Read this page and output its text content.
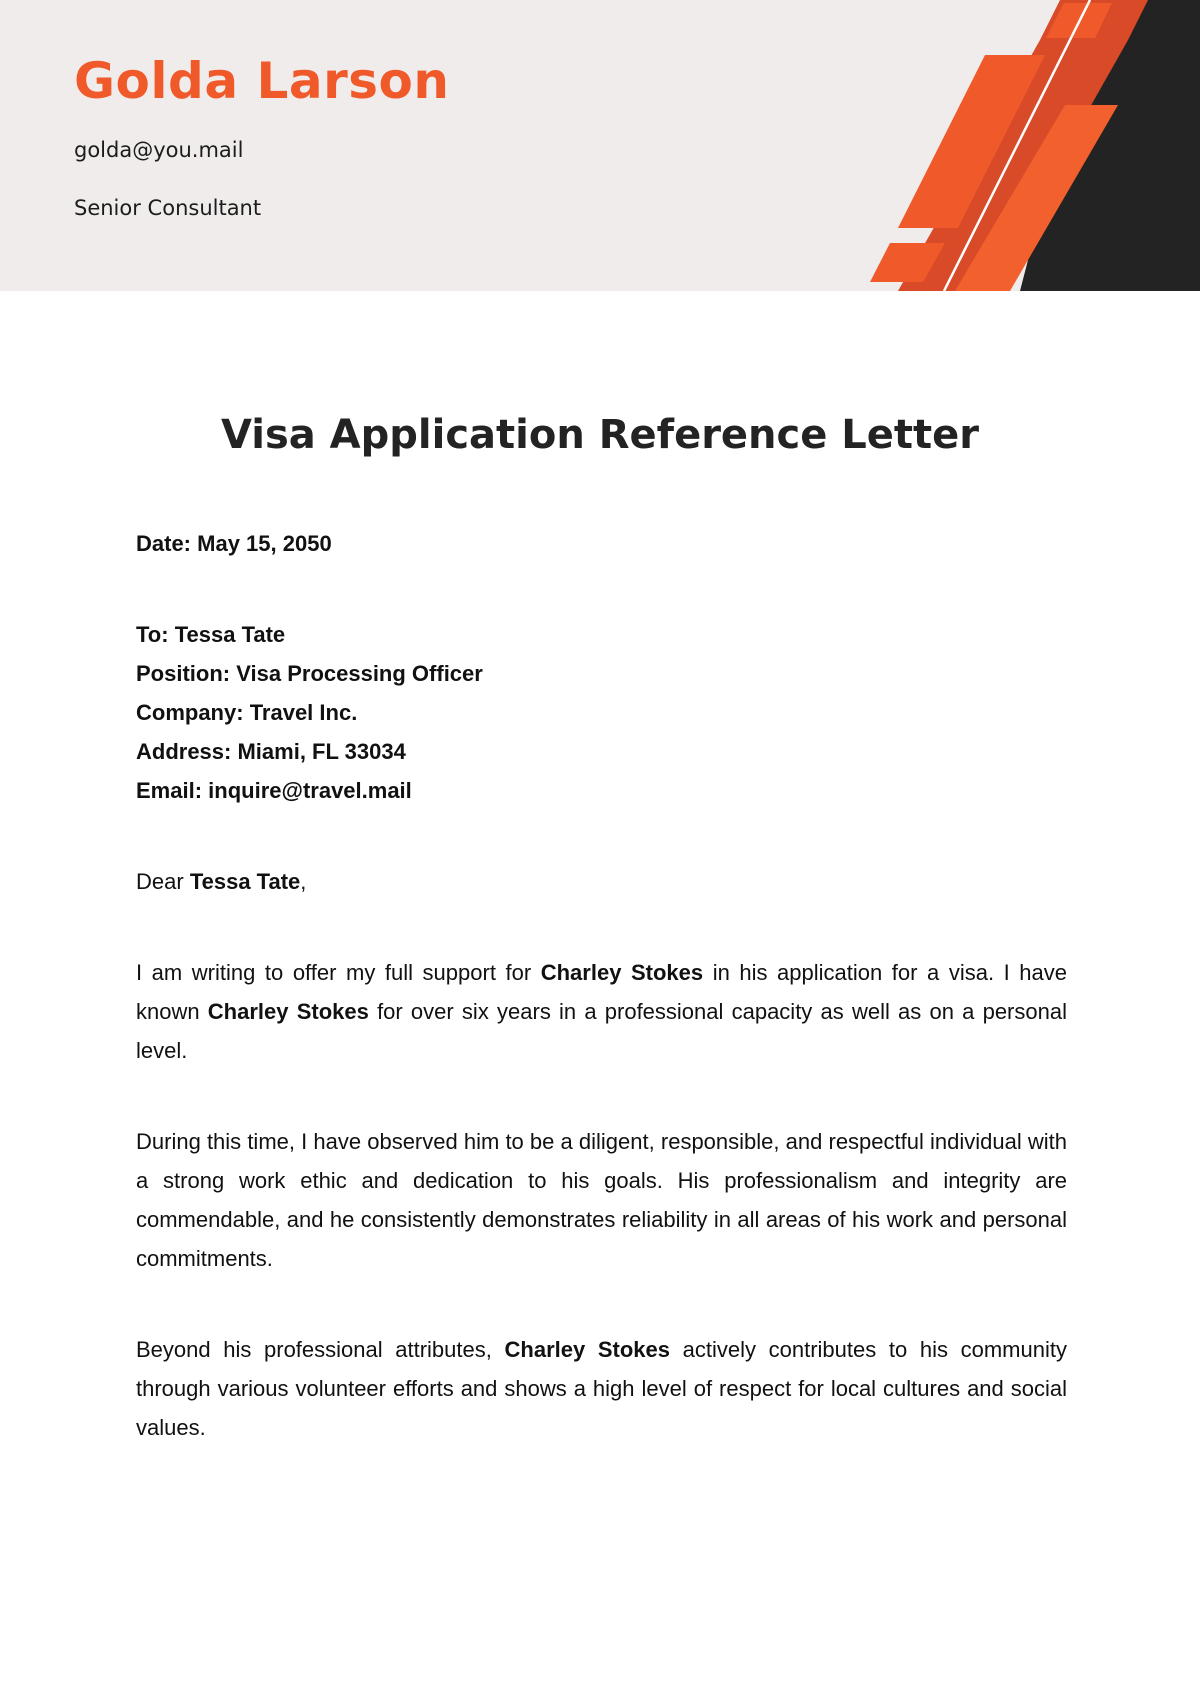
Golda Larson
golda@you.mail
Senior Consultant
Visa Application Reference Letter
Date: May 15, 2050
To: Tessa Tate
Position: Visa Processing Officer
Company: Travel Inc.
Address: Miami, FL 33034
Email: inquire@travel.mail

Dear Tessa Tate,

I am writing to offer my full support for Charley Stokes in his application for a visa. I have known Charley Stokes for over six years in a professional capacity as well as on a personal level.

During this time, I have observed him to be a diligent, responsible, and respectful individual with a strong work ethic and dedication to his goals. His professionalism and integrity are commendable, and he consistently demonstrates reliability in all areas of his work and personal commitments.

Beyond his professional attributes, Charley Stokes actively contributes to his community through various volunteer efforts and shows a high level of respect for local cultures and social values.
